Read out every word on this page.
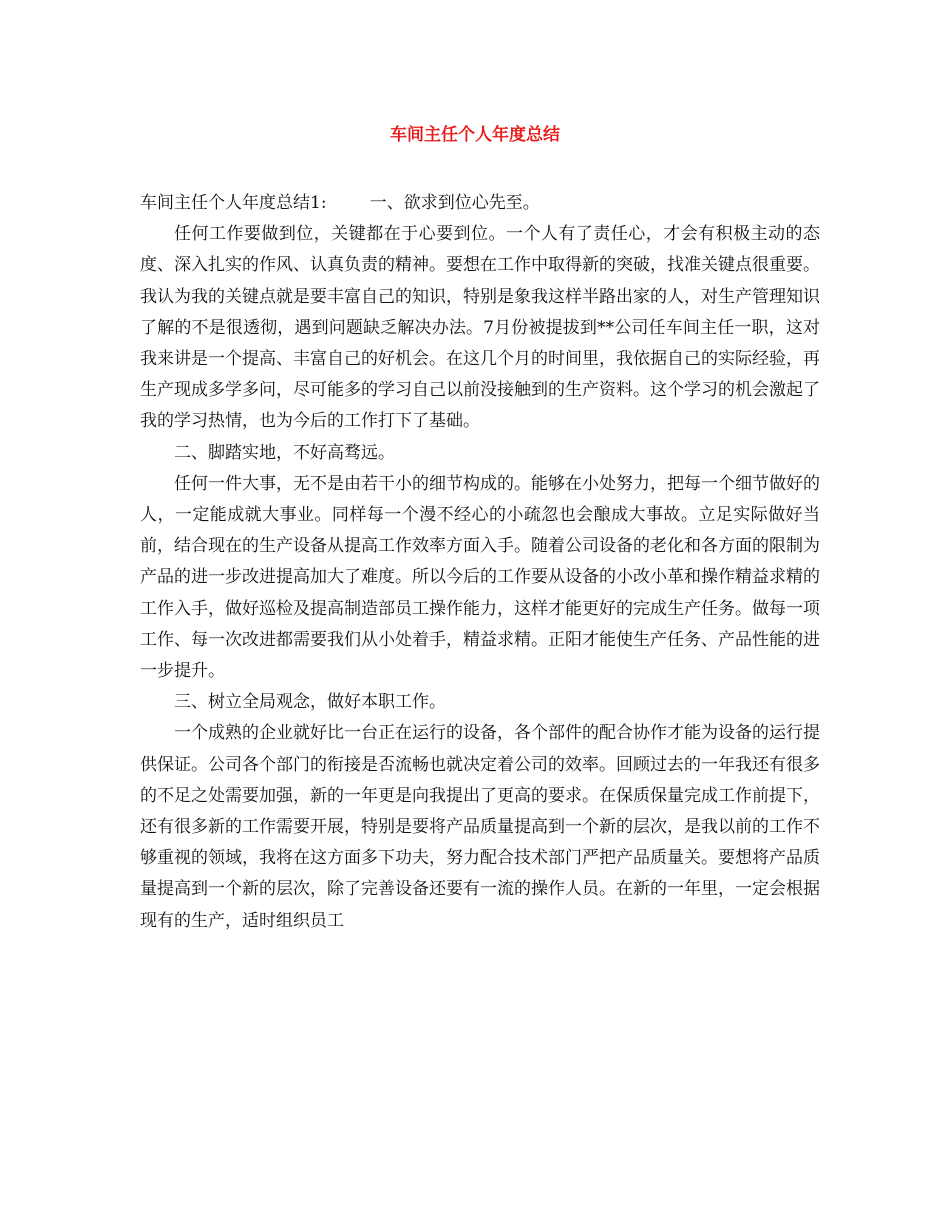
车间主任个人年度总结

车间主任个人年度总结1:        一、欲求到位心先至。

任何工作要做到位，关键都在于心要到位。一个人有了责任心，才会有积极主动的态度、深入扎实的作风、认真负责的精神。要想在工作中取得新的突破，找准关键点很重要。我认为我的关键点就是要丰富自己的知识，特别是象我这样半路出家的人，对生产管理知识了解的不是很透彻，遇到问题缺乏解决办法。7月份被提拔到**公司任车间主任一职，这对我来讲是一个提高、丰富自己的好机会。在这几个月的时间里，我依据自己的实际经验，再生产现成多学多问，尽可能多的学习自己以前没接触到的生产资料。这个学习的机会激起了我的学习热情，也为今后的工作打下了基础。

二、脚踏实地，不好高骛远。

任何一件大事，无不是由若干小的细节构成的。能够在小处努力，把每一个细节做好的人，一定能成就大事业。同样每一个漫不经心的小疏忽也会酿成大事故。立足实际做好当前，结合现在的生产设备从提高工作效率方面入手。随着公司设备的老化和各方面的限制为产品的进一步改进提高加大了难度。所以今后的工作要从设备的小改小革和操作精益求精的工作入手，做好巡检及提高制造部员工操作能力，这样才能更好的完成生产任务。做每一项工作、每一次改进都需要我们从小处着手，精益求精。正阳才能使生产任务、产品性能的进一步提升。

三、树立全局观念，做好本职工作。

一个成熟的企业就好比一台正在运行的设备，各个部件的配合协作才能为设备的运行提供保证。公司各个部门的衔接是否流畅也就决定着公司的效率。回顾过去的一年我还有很多的不足之处需要加强，新的一年更是向我提出了更高的要求。在保质保量完成工作前提下，还有很多新的工作需要开展，特别是要将产品质量提高到一个新的层次，是我以前的工作不够重视的领域，我将在这方面多下功夫，努力配合技术部门严把产品质量关。要想将产品质量提高到一个新的层次，除了完善设备还要有一流的操作人员。在新的一年里，一定会根据现有的生产，适时组织员工
